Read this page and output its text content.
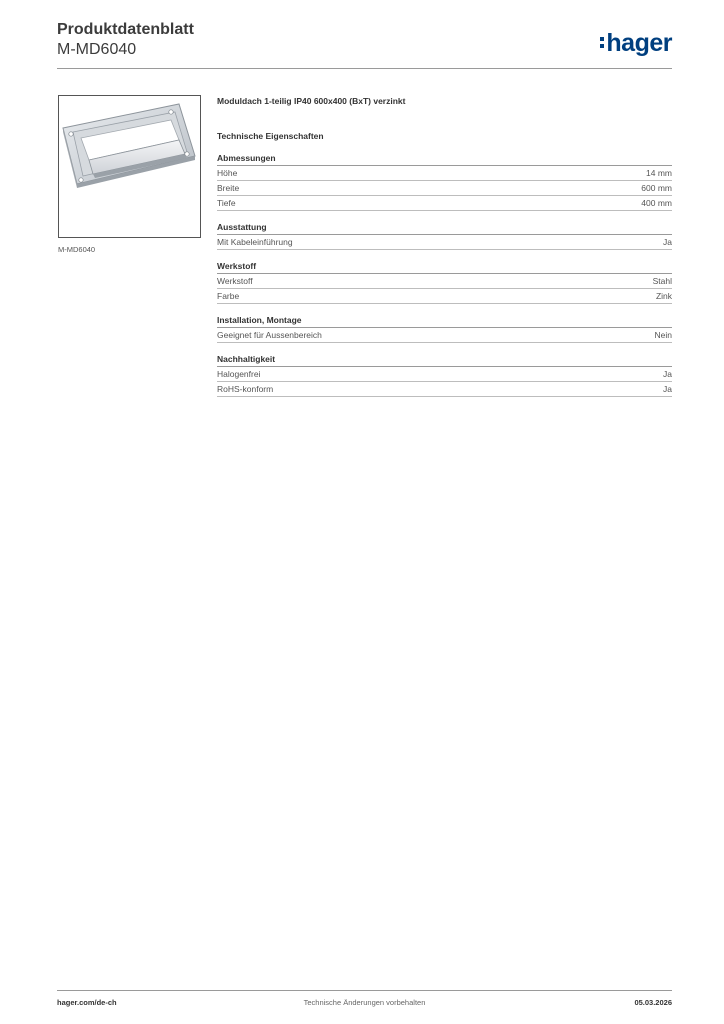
Produktdatenblatt
M-MD6040	hager
M-MD6040
Moduldach 1-teilig IP40 600x400 (BxT) verzinkt
Technische Eigenschaften
Abmessungen
Höhe	14 mm
Breite	600 mm
Tiefe	400 mm
Ausstattung
Mit Kabeleinführung	Ja
Werkstoff
Werkstoff	Stahl
Farbe	Zink
Installation, Montage
Geeignet für Aussenbereich	Nein
Nachhaltigkeit
Halogenfrei	Ja
RoHS-konform	Ja
hager.com/de-ch	Technische Änderungen vorbehalten	05.03.2026
